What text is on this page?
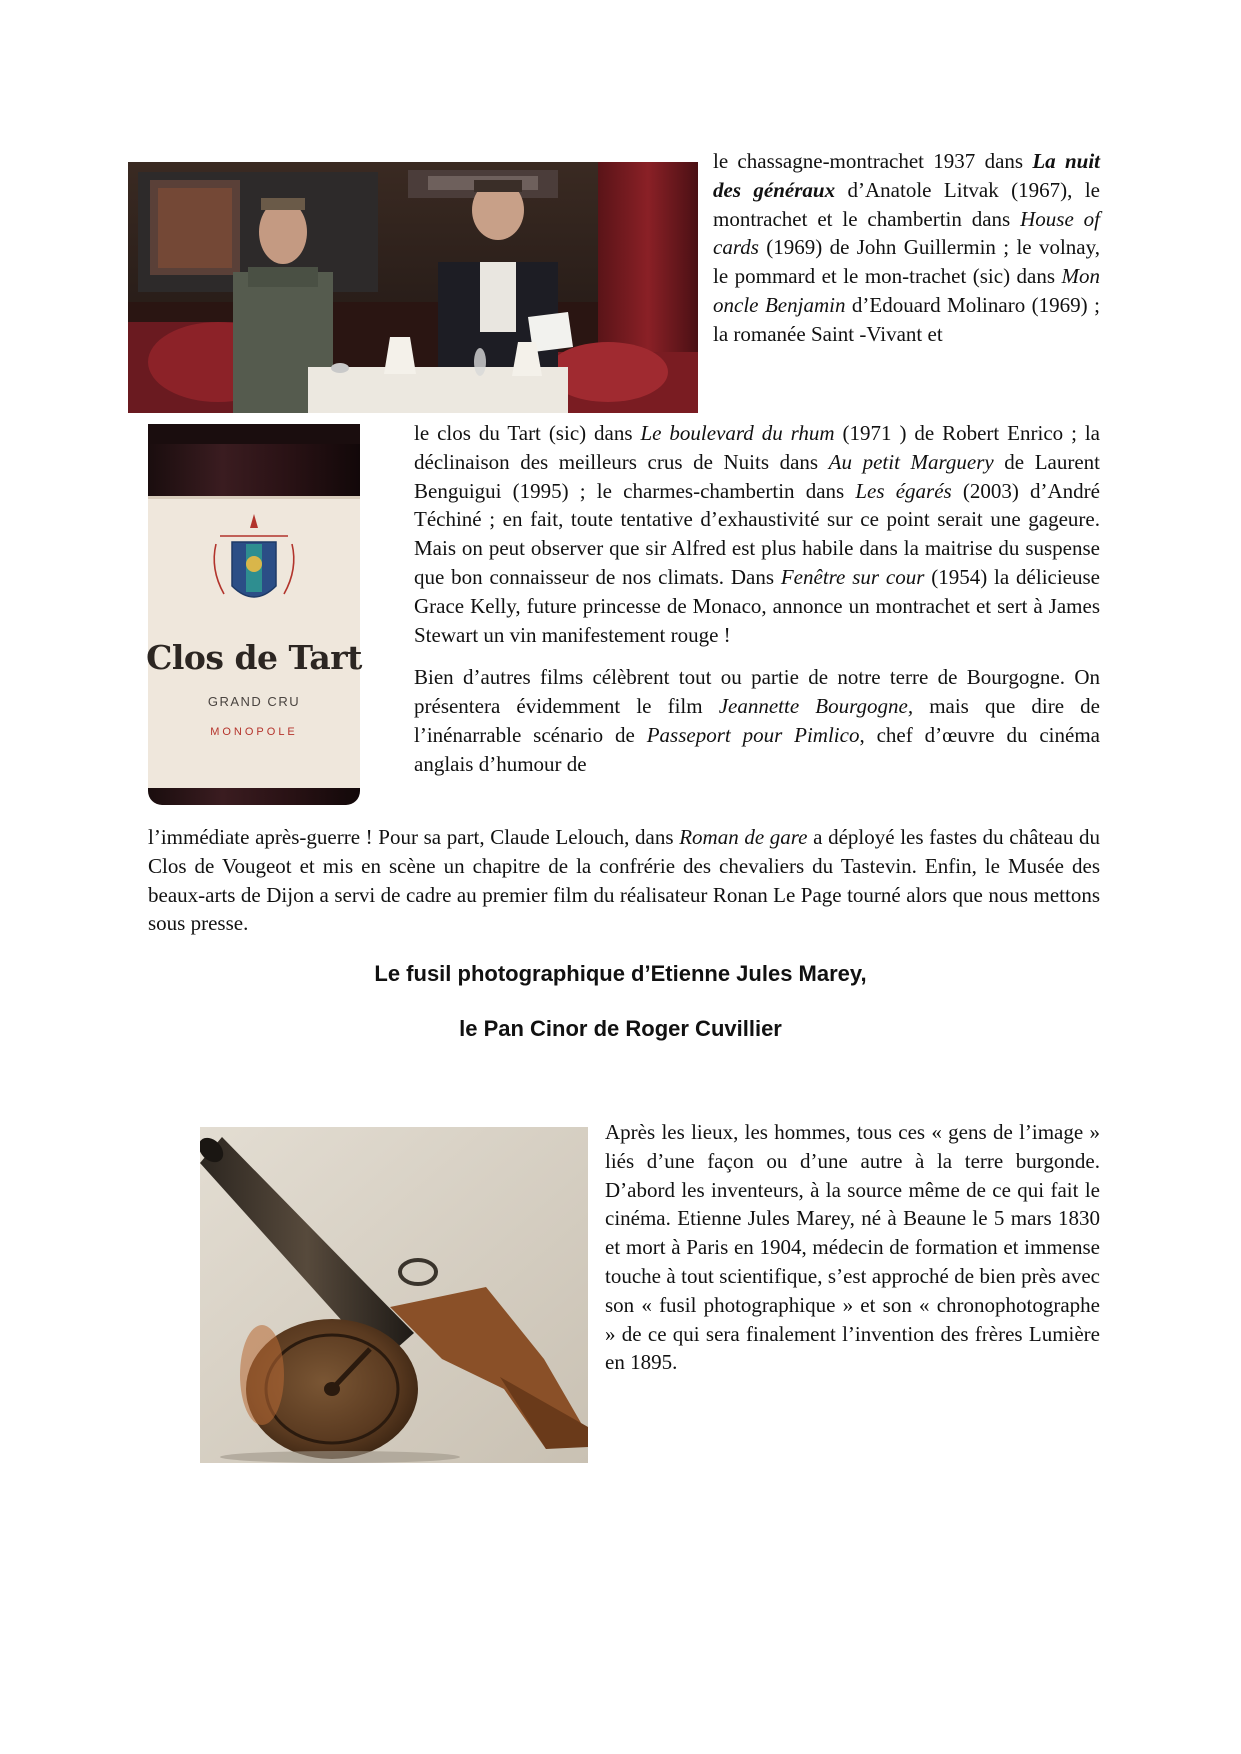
le chassagne-montrachet 1937 dans La nuit des généraux d’Anatole Litvak (1967), le montrachet et le chambertin dans House of cards (1969) de John Guillermin ; le volnay, le pommard et le mon-trachet (sic) dans Mon oncle Benjamin d’Edouard Molinaro (1969) ; la romanée Saint -Vivant et

Clos de Tart
GRAND CRU
MONOPOLE

le clos du Tart (sic) dans Le boulevard du rhum (1971 ) de Robert Enrico ; la déclinaison des meilleurs crus de Nuits dans Au petit Marguery de Laurent Benguigui (1995) ; le charmes-chambertin dans Les égarés (2003) d’André Téchiné ; en fait, toute tentative d’exhaustivité sur ce point serait une gageure. Mais on peut observer que sir Alfred est plus habile dans la maitrise du suspense que bon connaisseur de nos climats. Dans Fenêtre sur cour (1954) la délicieuse Grace Kelly, future princesse de Monaco, annonce un montrachet et sert à James Stewart un vin manifestement rouge !

Bien d’autres films célèbrent tout ou partie de notre terre de Bourgogne. On présentera évidemment le film Jeannette Bourgogne, mais que dire de l’inénarrable scénario de Passeport pour Pimlico, chef d’œuvre du cinéma anglais d’humour de

l’immédiate après-guerre ! Pour sa part, Claude Lelouch, dans Roman de gare a déployé les fastes du château du Clos de Vougeot et mis en scène un chapitre de la confrérie des chevaliers du Tastevin. Enfin, le Musée des beaux-arts de Dijon a servi de cadre au premier film du réalisateur Ronan Le Page tourné alors que nous mettons sous presse.

Le fusil photographique d’Etienne Jules Marey,
le Pan Cinor de Roger Cuvillier
Après les lieux, les hommes, tous ces « gens de l’image » liés d’une façon ou d’une autre à la terre burgonde. D’abord les inventeurs, à la source même de ce qui fait le cinéma. Etienne Jules Marey, né à Beaune le 5 mars 1830 et mort à Paris en 1904, médecin de formation et immense touche à tout scientifique, s’est approché de bien près avec son « fusil photographique » et son « chronophotographe » de ce qui sera finalement l’invention des frères Lumière en 1895.
